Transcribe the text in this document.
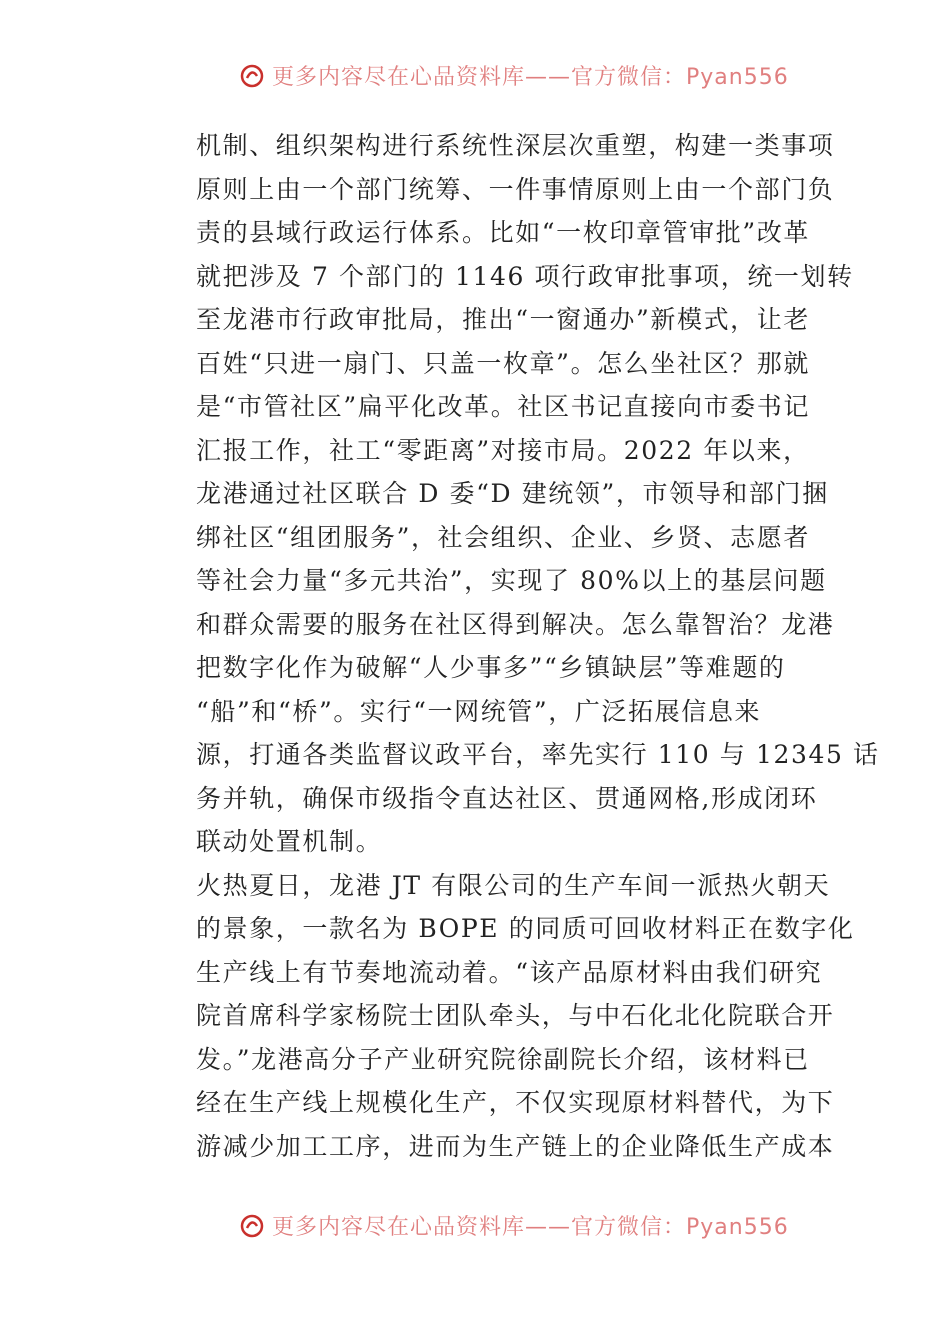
更多内容尽在心品资料库——官方微信：Pyan556
机制、组织架构进行系统性深层次重塑，构建一类事项
原则上由一个部门统筹、一件事情原则上由一个部门负
责的县域行政运行体系。比如“一枚印章管审批”改革
就把涉及 7 个部门的 1146 项行政审批事项，统一划转
至龙港市行政审批局，推出“一窗通办”新模式，让老
百姓“只进一扇门、只盖一枚章”。怎么坐社区？那就
是“市管社区”扁平化改革。社区书记直接向市委书记
汇报工作，社工“零距离”对接市局。2022 年以来，
龙港通过社区联合 D 委“D 建统领”，市领导和部门捆
绑社区“组团服务”，社会组织、企业、乡贤、志愿者
等社会力量“多元共治”，实现了 80%以上的基层问题
和群众需要的服务在社区得到解决。怎么靠智治？龙港
把数字化作为破解“人少事多”“乡镇缺层”等难题的
“船”和“桥”。实行“一网统管”，广泛拓展信息来
源，打通各类监督议政平台，率先实行 110 与 12345 话
务并轨，确保市级指令直达社区、贯通网格,形成闭环
联动处置机制。
火热夏日，龙港 JT 有限公司的生产车间一派热火朝天
的景象，一款名为 BOPE 的同质可回收材料正在数字化
生产线上有节奏地流动着。“该产品原材料由我们研究
院首席科学家杨院士团队牵头，与中石化北化院联合开
发。”龙港高分子产业研究院徐副院长介绍，该材料已
经在生产线上规模化生产，不仅实现原材料替代，为下
游减少加工工序，进而为生产链上的企业降低生产成本
更多内容尽在心品资料库——官方微信：Pyan556
